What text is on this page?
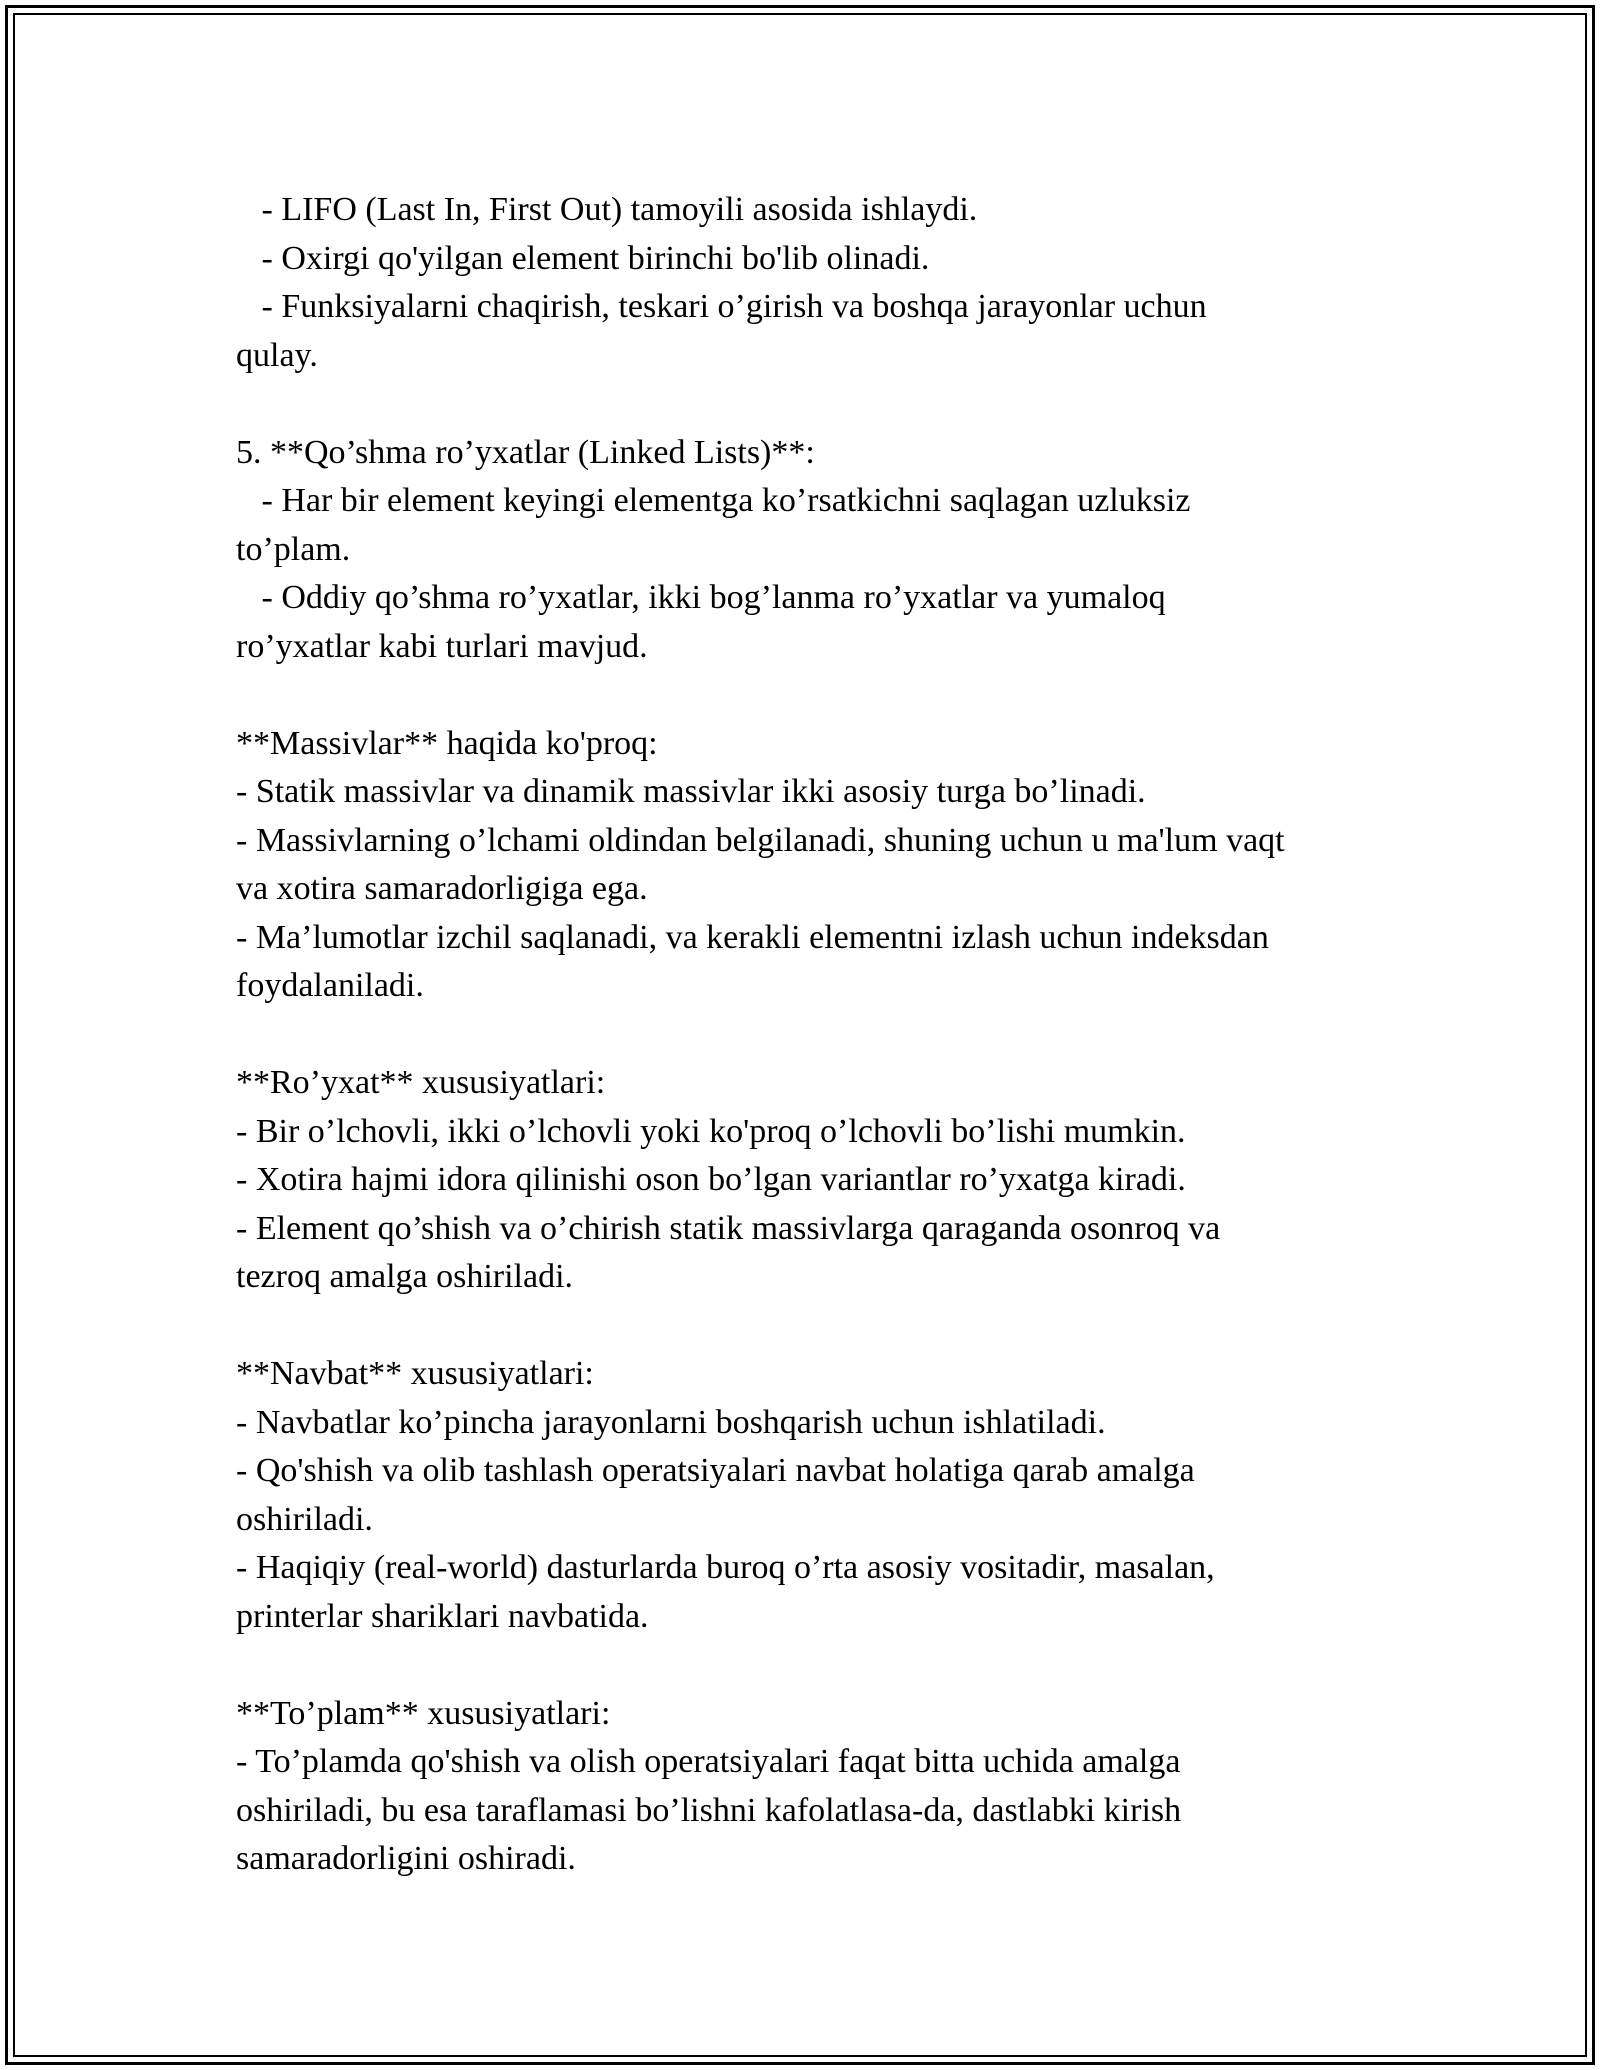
- LIFO (Last In, First Out) tamoyili asosida ishlaydi.
- Oxirgi qo'yilgan element birinchi bo'lib olinadi.
- Funksiyalarni chaqirish, teskari o’girish va boshqa jarayonlar uchun
qulay.
5. **Qo’shma ro’yxatlar (Linked Lists)**:
- Har bir element keyingi elementga ko’rsatkichni saqlagan uzluksiz
to’plam.
- Oddiy qo’shma ro’yxatlar, ikki bog’lanma ro’yxatlar va yumaloq
ro’yxatlar kabi turlari mavjud.
**Massivlar** haqida ko'proq:
- Statik massivlar va dinamik massivlar ikki asosiy turga bo’linadi.
- Massivlarning o’lchami oldindan belgilanadi, shuning uchun u ma'lum vaqt
va xotira samaradorligiga ega.
- Ma’lumotlar izchil saqlanadi, va kerakli elementni izlash uchun indeksdan
foydalaniladi.
**Ro’yxat** xususiyatlari:
- Bir o’lchovli, ikki o’lchovli yoki ko'proq o’lchovli bo’lishi mumkin.
- Xotira hajmi idora qilinishi oson bo’lgan variantlar ro’yxatga kiradi.
- Element qo’shish va o’chirish statik massivlarga qaraganda osonroq va
tezroq amalga oshiriladi.
**Navbat** xususiyatlari:
- Navbatlar ko’pincha jarayonlarni boshqarish uchun ishlatiladi.
- Qo'shish va olib tashlash operatsiyalari navbat holatiga qarab amalga
oshiriladi.
- Haqiqiy (real-world) dasturlarda buroq o’rta asosiy vositadir, masalan,
printerlar shariklari navbatida.
**To’plam** xususiyatlari:
- To’plamda qo'shish va olish operatsiyalari faqat bitta uchida amalga
oshiriladi, bu esa taraflamasi bo’lishni kafolatlasa-da, dastlabki kirish
samaradorligini oshiradi.
